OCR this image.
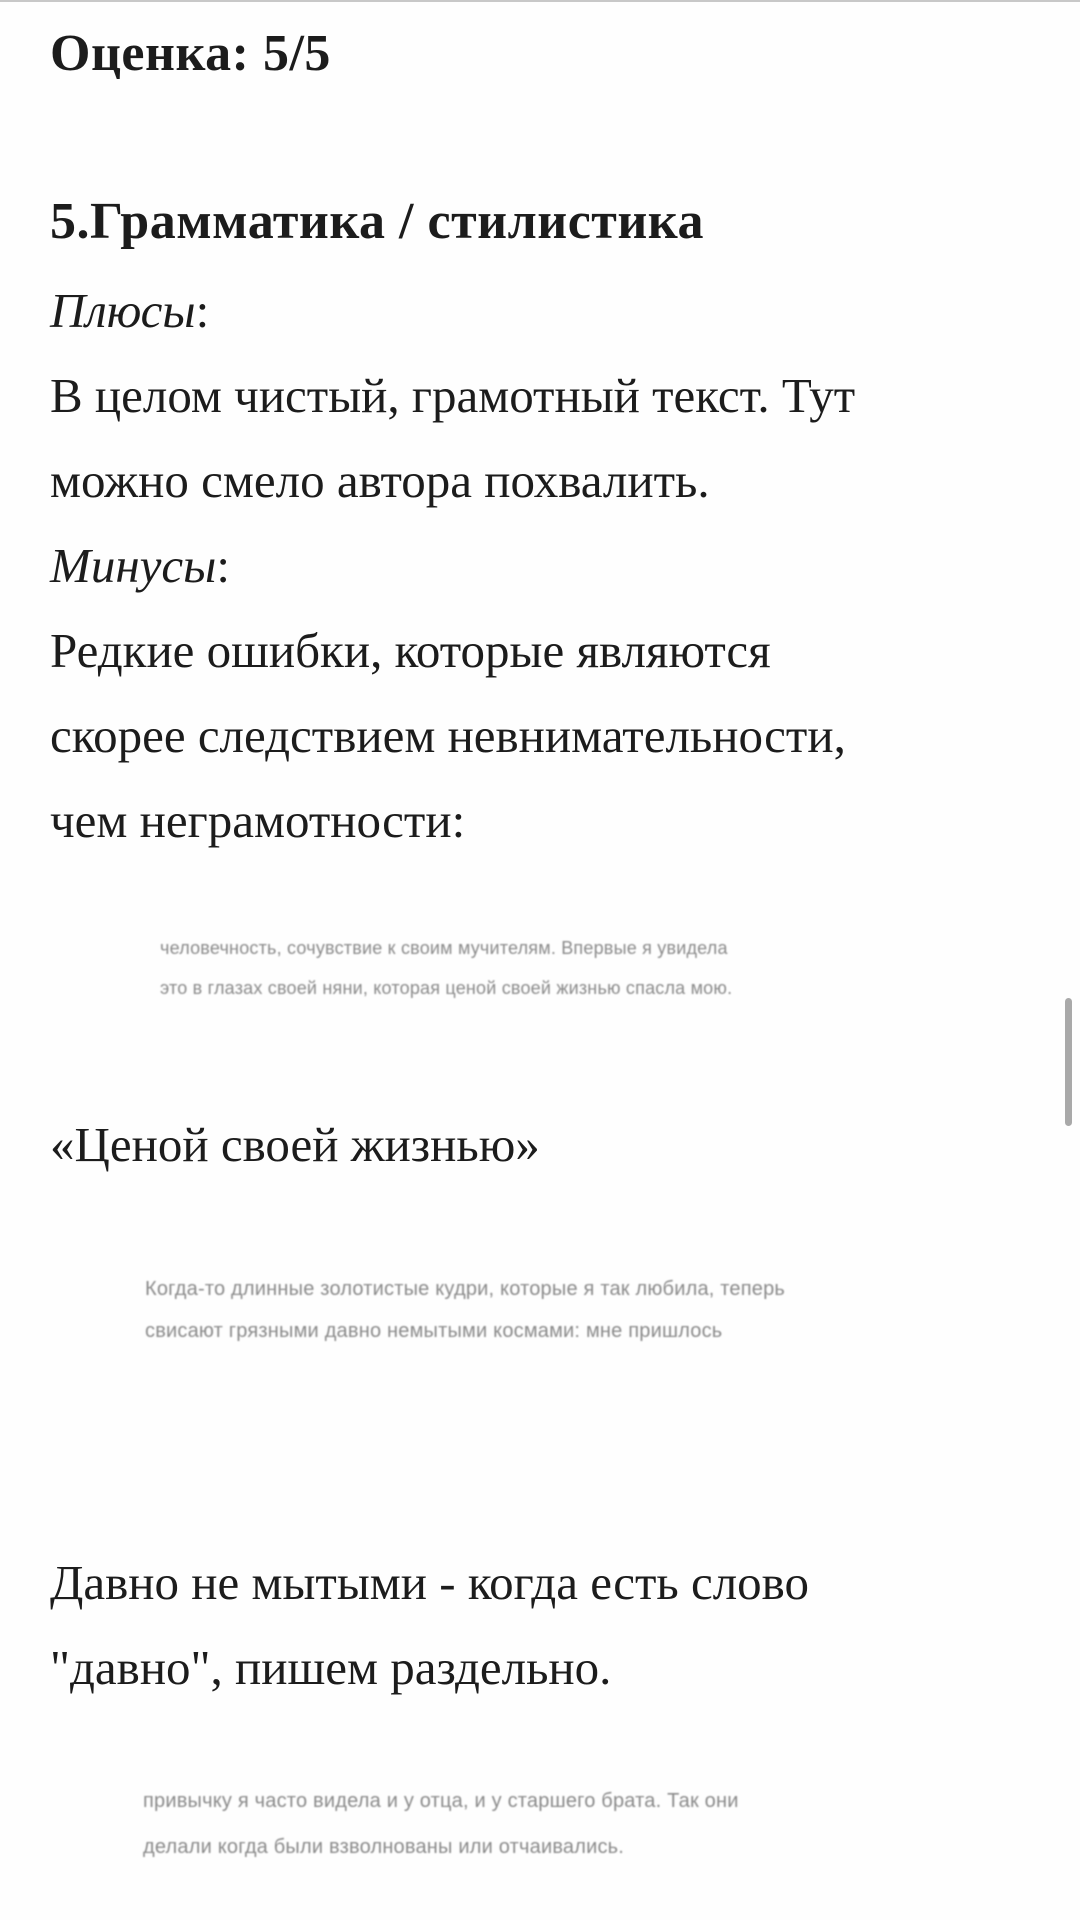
Оценка: 5/5

5.Грамматика / стилистика

Плюсы:

В целом чистый, грамотный текст. Тут

можно смело автора похвалить.

Минусы:

Редкие ошибки, которые являются

скорее следствием невнимательности,

чем неграмотности:

человечность, сочувствие к своим мучителям. Впервые я увидела
это в глазах своей няни, которая ценой своей жизнью спасла мою.

«Ценой своей жизнью»

Когда-то длинные золотистые кудри, которые я так любила, теперь
свисают грязными давно немытыми космами: мне пришлось

Давно не мытыми - когда есть слово

"давно", пишем раздельно.

привычку я часто видела и у отца, и у старшего брата. Так они
делали когда были взволнованы или отчаивались.
